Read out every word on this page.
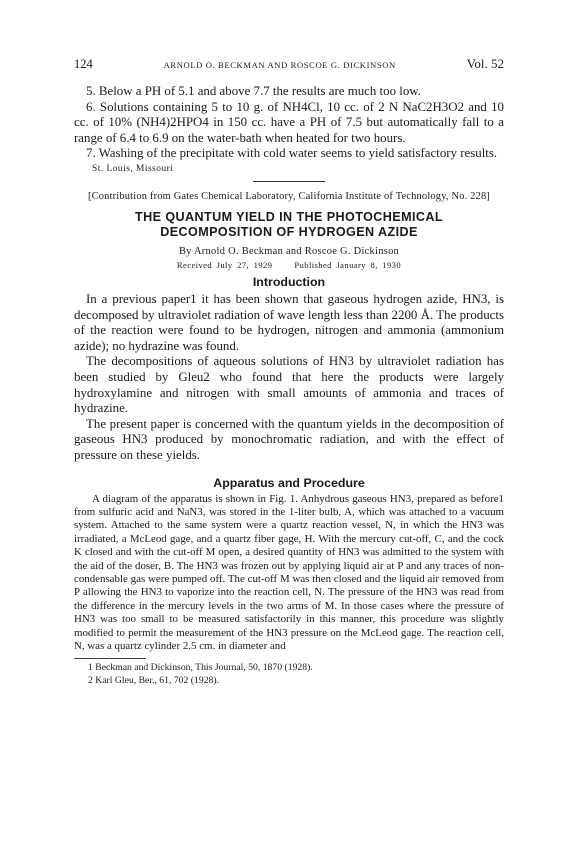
124	ARNOLD O. BECKMAN AND ROSCOE G. DICKINSON	Vol. 52

5. Below a PH of 5.1 and above 7.7 the results are much too low.

6. Solutions containing 5 to 10 g. of NH4Cl, 10 cc. of 2 N NaC2H3O2 and 10 cc. of 10% (NH4)2HPO4 in 150 cc. have a PH of 7.5 but automatically fall to a range of 6.4 to 6.9 on the water-bath when heated for two hours.

7. Washing of the precipitate with cold water seems to yield satisfactory results.

St. Louis, Missouri
[Contribution from Gates Chemical Laboratory, California Institute of Technology, No. 228]
THE QUANTUM YIELD IN THE PHOTOCHEMICAL
DECOMPOSITION OF HYDROGEN AZIDE
By Arnold O. Beckman and Roscoe G. Dickinson
Received July 27, 1929	Published January 8, 1930
Introduction

In a previous paper1 it has been shown that gaseous hydrogen azide, HN3, is decomposed by ultraviolet radiation of wave length less than 2200 Å. The products of the reaction were found to be hydrogen, nitrogen and ammonia (ammonium azide); no hydrazine was found.

The decompositions of aqueous solutions of HN3 by ultraviolet radiation has been studied by Gleu2 who found that here the products were largely hydroxylamine and nitrogen with small amounts of ammonia and traces of hydrazine.

The present paper is concerned with the quantum yields in the decomposition of gaseous HN3 produced by monochromatic radiation, and with the effect of pressure on these yields.

Apparatus and Procedure

A diagram of the apparatus is shown in Fig. 1. Anhydrous gaseous HN3, prepared as before1 from sulfuric acid and NaN3, was stored in the 1-liter bulb, A, which was attached to a vacuum system. Attached to the same system were a quartz reaction vessel, N, in which the HN3 was irradiated, a McLeod gage, and a quartz fiber gage, H. With the mercury cut-off, C, and the cock K closed and with the cut-off M open, a desired quantity of HN3 was admitted to the system with the aid of the doser, B. The HN3 was frozen out by applying liquid air at P and any traces of non-condensable gas were pumped off. The cut-off M was then closed and the liquid air removed from P allowing the HN3 to vaporize into the reaction cell, N. The pressure of the HN3 was read from the difference in the mercury levels in the two arms of M. In those cases where the pressure of HN3 was too small to be measured satisfactorily in this manner, this procedure was slightly modified to permit the measurement of the HN3 pressure on the McLeod gage. The reaction cell, N, was a quartz cylinder 2.5 cm. in diameter and

1 Beckman and Dickinson, This Journal, 50, 1870 (1928).
2 Karl Gleu, Ber., 61, 702 (1928).
